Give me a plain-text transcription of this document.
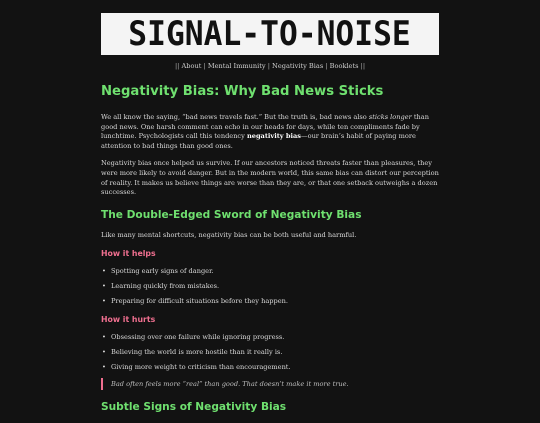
SIGNAL-TO-NOISE
|| About | Mental Immunity | Negativity Bias | Booklets ||
Negativity Bias: Why Bad News Sticks

We all know the saying, “bad news travels fast.” But the truth is, bad news also sticks longer than good news. One harsh comment can echo in our heads for days, while ten compliments fade by lunchtime. Psychologists call this tendency negativity bias—our brain’s habit of paying more attention to bad things than good ones.

Negativity bias once helped us survive. If our ancestors noticed threats faster than pleasures, they were more likely to avoid danger. But in the modern world, this same bias can distort our perception of reality. It makes us believe things are worse than they are, or that one setback outweighs a dozen successes.

The Double-Edged Sword of Negativity Bias

Like many mental shortcuts, negativity bias can be both useful and harmful.

How it helps
• Spotting early signs of danger.
• Learning quickly from mistakes.
• Preparing for difficult situations before they happen.
How it hurts
• Obsessing over one failure while ignoring progress.
• Believing the world is more hostile than it really is.
• Giving more weight to criticism than encouragement.
Bad often feels more “real” than good. That doesn’t make it more true.
Subtle Signs of Negativity Bias
